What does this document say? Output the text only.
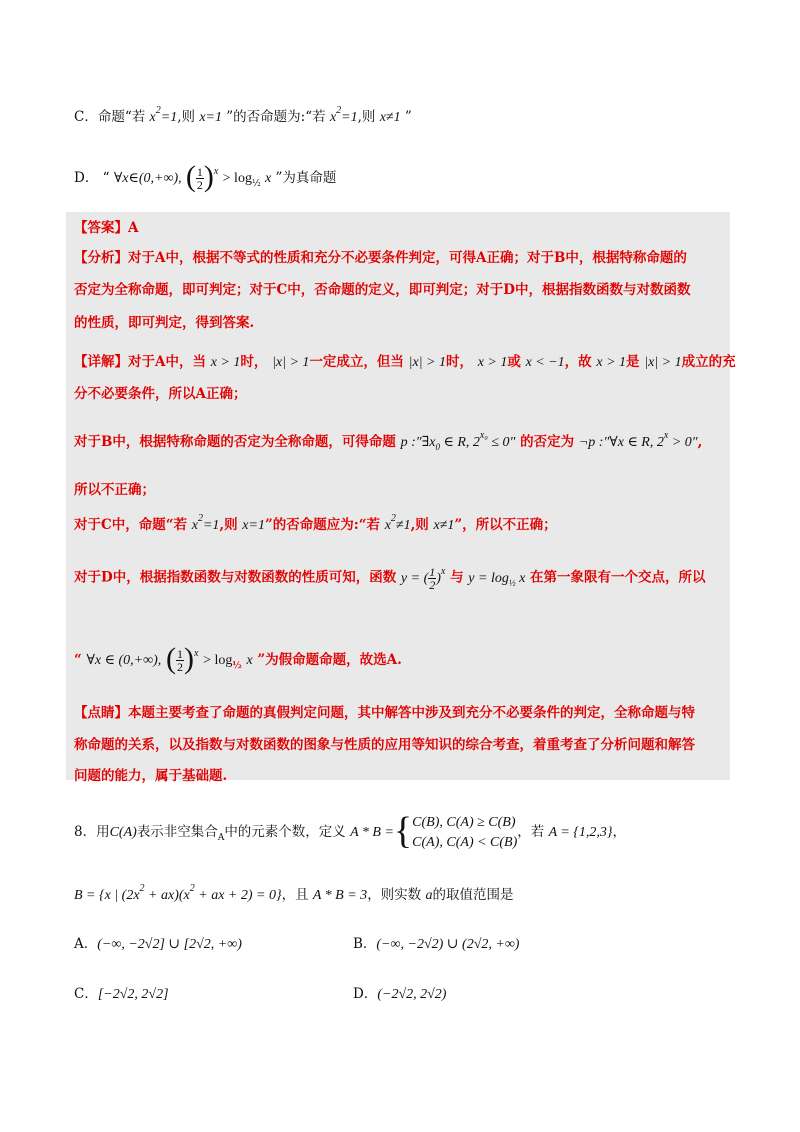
C．命题“若 $x^2=1$,则 x=1 ”的否命题为:“若 $x^2=1$,则 x≠1 ”
D． “ ∀x∈(0,+∞), ( $\frac{1}{2} )^x > \log_{\frac{1}{2}} x$ ”为真命题
【答案】A
【分析】对于A中，根据不等式的性质和充分不必要条件判定，可得A正确；对于B中，根据特称命题的
否定为全称命题，即可判定；对于C中，否命题的定义，即可判定；对于D中，根据指数函数与对数函数
的性质，即可判定，得到答案.
【详解】对于A中，当 x > 1时， |x| > 1一定成立，但当 |x| > 1时， x > 1或 x < −1，故 x > 1是 |x| > 1成立的充
分不必要条件，所以A正确；
对于B中，根据特称命题的否定为全称命题，可得命题 p $:"\exists x_0$ ∈ R, $2^{x_0} \le 0$" 的否定为 ¬p :"∀x ∈ R, $2^x > 0$",
所以不正确；
对于C中，命题“若 $x^2=1$,则 x=1”的否命题应为:“若 $x^2\ne 1$,则 x≠1”，所以不正确；
对于D中，根据指数函数与对数函数的性质可知，函数 y = ( $\frac{1}{2} )^x$ 与 $y = \log_{\frac{1}{2}} x$ 在第一象限有一个交点，所以
“ ∀x ∈ (0,+∞), ( $\frac{1}{2} )^x > \log_{\frac{1}{2}} x$ ”为假命题命题，故选A.
【点睛】本题主要考查了命题的真假判定问题，其中解答中涉及到充分不必要条件的判定，全称命题与特
称命题的关系，以及指数与对数函数的图象与性质的应用等知识的综合考查，着重考查了分析问题和解答
问题的能力，属于基础题.
8．用C(A)表示非空集合$_A$中的元素个数，定义 A * B ={ C(B), C(A) ≥ C(B)
C(A), C(A) < C(B)
，若 A = {1,2,3}，
B = {x | $(2x^2 + ax)(x^2$ + ax + 2) = 0}，且 A * B = 3，则实数 a的取值范围是
A．(−∞, −2√2] ∪ [2√2, +∞)	B．(−∞, −2√2) ∪ (2√2, +∞)
C．[−2√2, 2√2]	D．(−2√2, 2√2)
